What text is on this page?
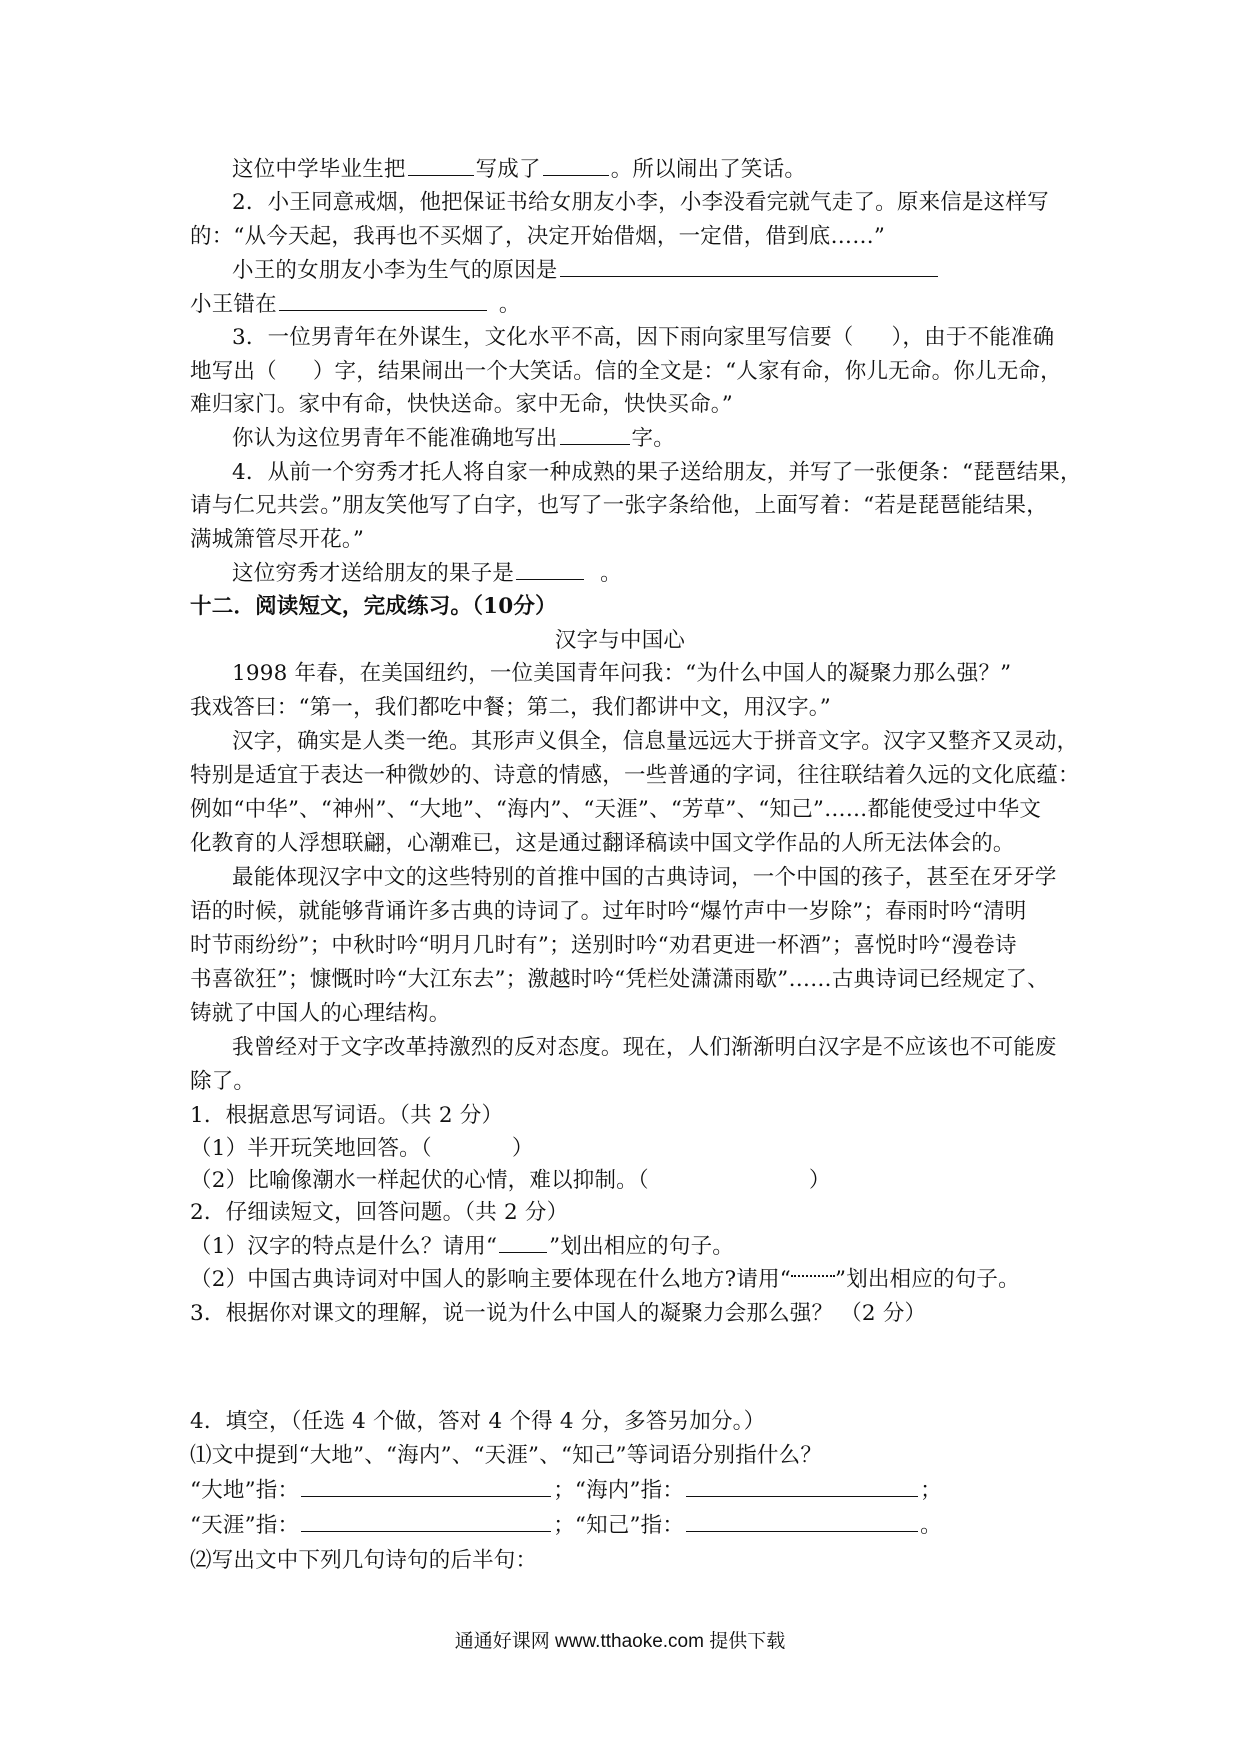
这位中学毕业生把	写成了	。所以闹出了笑话。
2．小王同意戒烟，他把保证书给女朋友小李，小李没看完就气走了。原来信是这样写
的：“从今天起，我再也不买烟了，决定开始借烟，一定借，借到底……”
小王的女朋友小李为生气的原因是
小王错在	。
3．一位男青年在外谋生，文化水平不高，因下雨向家里写信要（ ），由于不能准确
地写出（ ）字，结果闹出一个大笑话。信的全文是：“人家有命，你儿无命。你儿无命，
难归家门。家中有命，快快送命。家中无命，快快买命。”
你认为这位男青年不能准确地写出	字。
4．从前一个穷秀才托人将自家一种成熟的果子送给朋友，并写了一张便条：“琵琶结果，
请与仁兄共尝。”朋友笑他写了白字，也写了一张字条给他，上面写着：“若是琵琶能结果，
满城箫管尽开花。”
这位穷秀才送给朋友的果子是	。
十二．阅读短文，完成练习。（10分）
汉字与中国心
1998 年春，在美国纽约，一位美国青年问我：“为什么中国人的凝聚力那么强？”
我戏答曰：“第一，我们都吃中餐；第二，我们都讲中文，用汉字。”
汉字，确实是人类一绝。其形声义俱全，信息量远远大于拼音文字。汉字又整齐又灵动，
特别是适宜于表达一种微妙的、诗意的情感，一些普通的字词，往往联结着久远的文化底蕴：
例如“中华”、“神州”、“大地”、“海内”、“天涯”、“芳草”、“知己”……都能使受过中华文
化教育的人浮想联翩，心潮难已，这是通过翻译稿读中国文学作品的人所无法体会的。
最能体现汉字中文的这些特别的首推中国的古典诗词，一个中国的孩子，甚至在牙牙学
语的时候，就能够背诵许多古典的诗词了。过年时吟“爆竹声中一岁除”；春雨时吟“清明
时节雨纷纷”；中秋时吟“明月几时有”；送别时吟“劝君更进一杯酒”；喜悦时吟“漫卷诗
书喜欲狂”；慷慨时吟“大江东去”；激越时吟“凭栏处潇潇雨歇”……古典诗词已经规定了、
铸就了中国人的心理结构。
我曾经对于文字改革持激烈的反对态度。现在，人们渐渐明白汉字是不应该也不可能废
除了。
1．根据意思写词语。（共 2 分）
（1）半开玩笑地回答。（	）
（2）比喻像潮水一样起伏的心情，难以抑制。（	）
2．仔细读短文，回答问题。（共 2 分）
（1）汉字的特点是什么？请用“ ”划出相应的句子。
（2）中国古典诗词对中国人的影响主要体现在什么地方?请用“ ”划出相应的句子。
3．根据你对课文的理解，说一说为什么中国人的凝聚力会那么强？ （2 分）
4．填空，（任选 4 个做，答对 4 个得 4 分，多答另加分。）
⑴文中提到“大地”、“海内”、“天涯”、“知己”等词语分别指什么？
“大地”指：	；“海内”指：	；
“天涯”指：	；“知己”指：	。
⑵写出文中下列几句诗句的后半句：
通通好课网 www.tthaoke.com 提供下载
